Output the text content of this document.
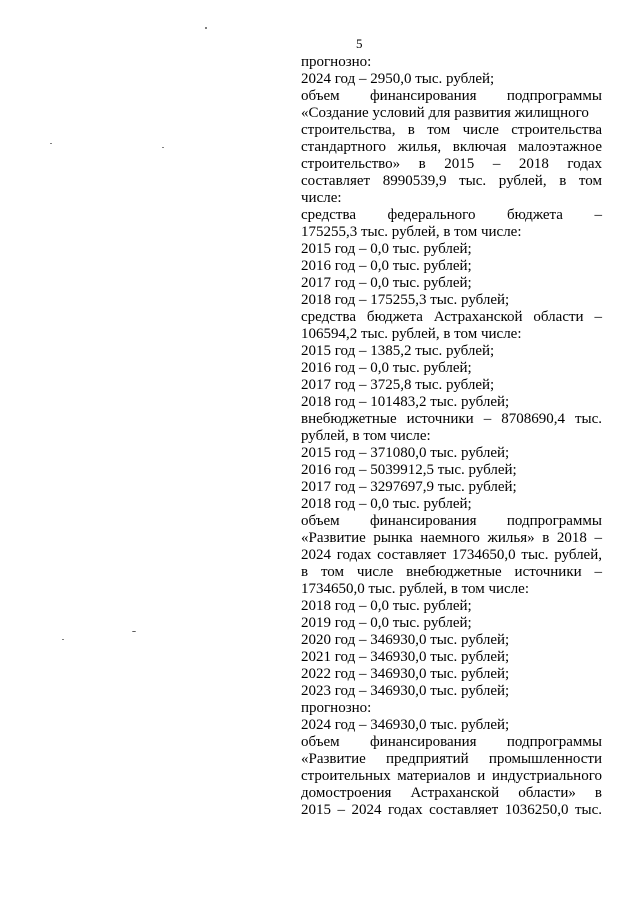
5
прогнозно:
2024 год – 2950,0 тыс. рублей;
объем финансирования подпрограммы
«Создание условий для развития жилищного
строительства, в том числе строительства
стандартного жилья, включая малоэтажное
строительство» в 2015 – 2018 годах
составляет 8990539,9 тыс. рублей, в том
числе:
средства федерального бюджета –
175255,3 тыс. рублей, в том числе:
2015 год – 0,0 тыс. рублей;
2016 год – 0,0 тыс. рублей;
2017 год – 0,0 тыс. рублей;
2018 год – 175255,3 тыс. рублей;
средства бюджета Астраханской области –
106594,2 тыс. рублей, в том числе:
2015 год – 1385,2 тыс. рублей;
2016 год – 0,0 тыс. рублей;
2017 год – 3725,8 тыс. рублей;
2018 год – 101483,2 тыс. рублей;
внебюджетные источники – 8708690,4 тыс.
рублей, в том числе:
2015 год – 371080,0 тыс. рублей;
2016 год – 5039912,5 тыс. рублей;
2017 год – 3297697,9 тыс. рублей;
2018 год – 0,0 тыс. рублей;
объем финансирования подпрограммы
«Развитие рынка наемного жилья» в 2018 –
2024 годах составляет 1734650,0 тыс. рублей,
в том числе внебюджетные источники –
1734650,0 тыс. рублей, в том числе:
2018 год – 0,0 тыс. рублей;
2019 год – 0,0 тыс. рублей;
2020 год – 346930,0 тыс. рублей;
2021 год – 346930,0 тыс. рублей;
2022 год – 346930,0 тыс. рублей;
2023 год – 346930,0 тыс. рублей;
прогнозно:
2024 год – 346930,0 тыс. рублей;
объем финансирования подпрограммы
«Развитие предприятий промышленности
строительных материалов и индустриального
домостроения Астраханской области» в
2015 – 2024 годах составляет 1036250,0 тыс.
